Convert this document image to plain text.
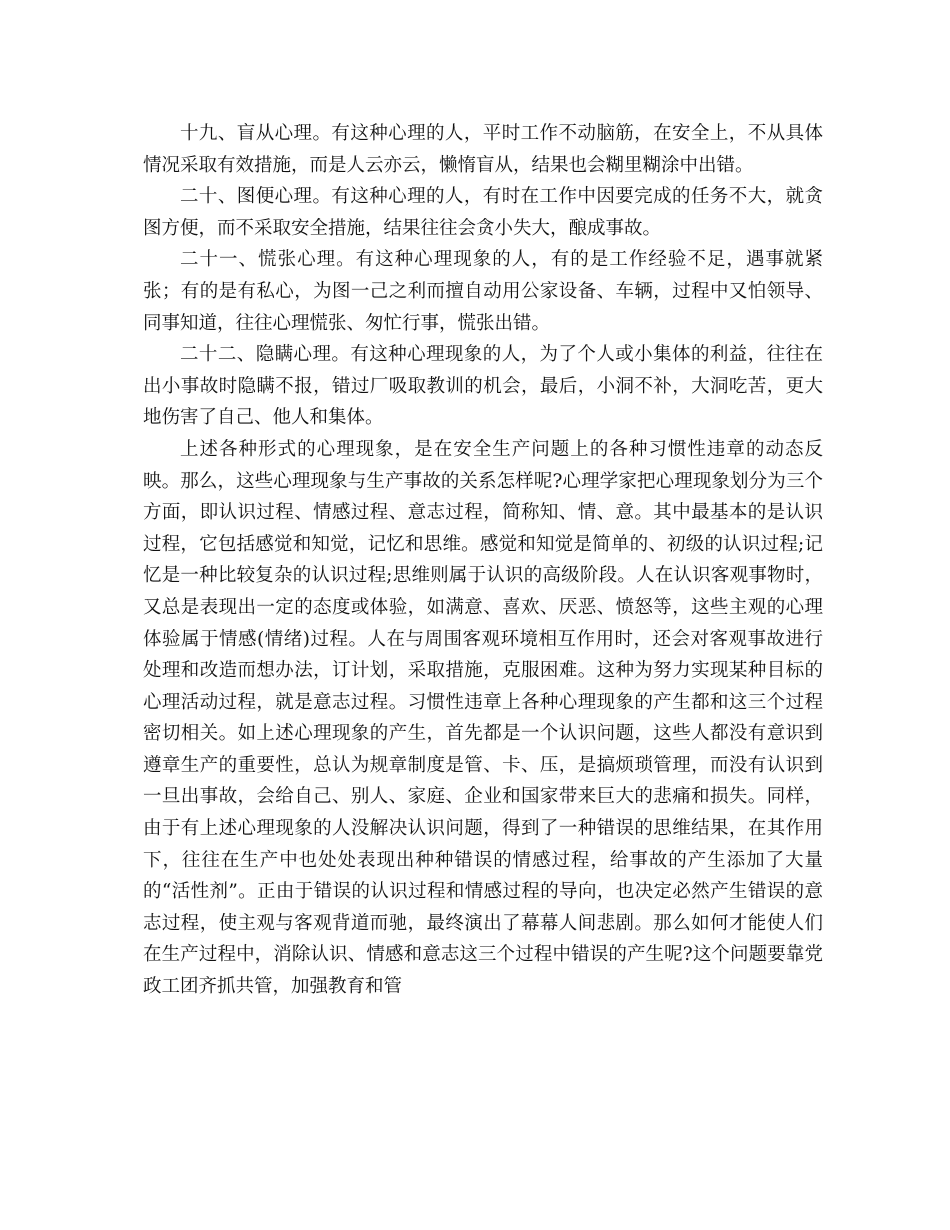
十九、盲从心理。有这种心理的人，平时工作不动脑筋，在安全上，不从具体情况采取有效措施，而是人云亦云，懒惰盲从，结果也会糊里糊涂中出错。

二十、图便心理。有这种心理的人，有时在工作中因要完成的任务不大，就贪图方便，而不采取安全措施，结果往往会贪小失大，酿成事故。

二十一、慌张心理。有这种心理现象的人，有的是工作经验不足，遇事就紧张；有的是有私心，为图一己之利而擅自动用公家设备、车辆，过程中又怕领导、同事知道，往往心理慌张、匆忙行事，慌张出错。

二十二、隐瞒心理。有这种心理现象的人，为了个人或小集体的利益，往往在出小事故时隐瞒不报，错过厂吸取教训的机会，最后，小洞不补，大洞吃苦，更大地伤害了自己、他人和集体。

上述各种形式的心理现象，是在安全生产问题上的各种习惯性违章的动态反映。那么，这些心理现象与生产事故的关系怎样呢?心理学家把心理现象划分为三个方面，即认识过程、情感过程、意志过程，简称知、情、意。其中最基本的是认识过程，它包括感觉和知觉，记忆和思维。感觉和知觉是简单的、初级的认识过程;记忆是一种比较复杂的认识过程;思维则属于认识的高级阶段。人在认识客观事物时，又总是表现出一定的态度或体验，如满意、喜欢、厌恶、愤怒等，这些主观的心理体验属于情感(情绪)过程。人在与周围客观环境相互作用时，还会对客观事故进行处理和改造而想办法，订计划，采取措施，克服困难。这种为努力实现某种目标的心理活动过程，就是意志过程。习惯性违章上各种心理现象的产生都和这三个过程密切相关。如上述心理现象的产生，首先都是一个认识问题，这些人都没有意识到遵章生产的重要性，总认为规章制度是管、卡、压，是搞烦琐管理，而没有认识到一旦出事故，会给自己、别人、家庭、企业和国家带来巨大的悲痛和损失。同样，由于有上述心理现象的人没解决认识问题，得到了一种错误的思维结果，在其作用下，往往在生产中也处处表现出种种错误的情感过程，给事故的产生添加了大量的“活性剂”。正由于错误的认识过程和情感过程的导向，也决定必然产生错误的意志过程，使主观与客观背道而驰，最终演出了幕幕人间悲剧。那么如何才能使人们在生产过程中，消除认识、情感和意志这三个过程中错误的产生呢?这个问题要靠党政工团齐抓共管，加强教育和管
